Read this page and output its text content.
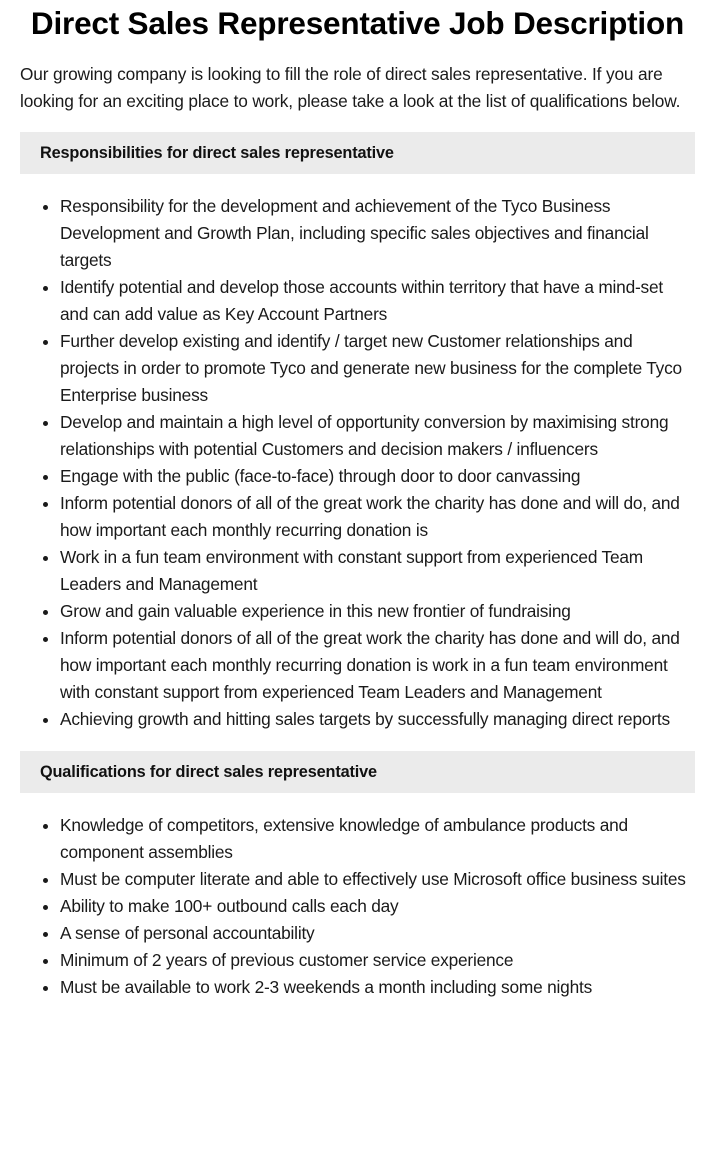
Direct Sales Representative Job Description

Our growing company is looking to fill the role of direct sales representative. If you are looking for an exciting place to work, please take a look at the list of qualifications below.

Responsibilities for direct sales representative
• Responsibility for the development and achievement of the Tyco Business Development and Growth Plan, including specific sales objectives and financial targets
• Identify potential and develop those accounts within territory that have a mind-set and can add value as Key Account Partners
• Further develop existing and identify / target new Customer relationships and projects in order to promote Tyco and generate new business for the complete Tyco Enterprise business
• Develop and maintain a high level of opportunity conversion by maximising strong relationships with potential Customers and decision makers / influencers
• Engage with the public (face-to-face) through door to door canvassing
• Inform potential donors of all of the great work the charity has done and will do, and how important each monthly recurring donation is
• Work in a fun team environment with constant support from experienced Team Leaders and Management
• Grow and gain valuable experience in this new frontier of fundraising
• Inform potential donors of all of the great work the charity has done and will do, and how important each monthly recurring donation is work in a fun team environment with constant support from experienced Team Leaders and Management
• Achieving growth and hitting sales targets by successfully managing direct reports
Qualifications for direct sales representative
• Knowledge of competitors, extensive knowledge of ambulance products and component assemblies
• Must be computer literate and able to effectively use Microsoft office business suites
• Ability to make 100+ outbound calls each day
• A sense of personal accountability
• Minimum of 2 years of previous customer service experience
• Must be available to work 2-3 weekends a month including some nights
